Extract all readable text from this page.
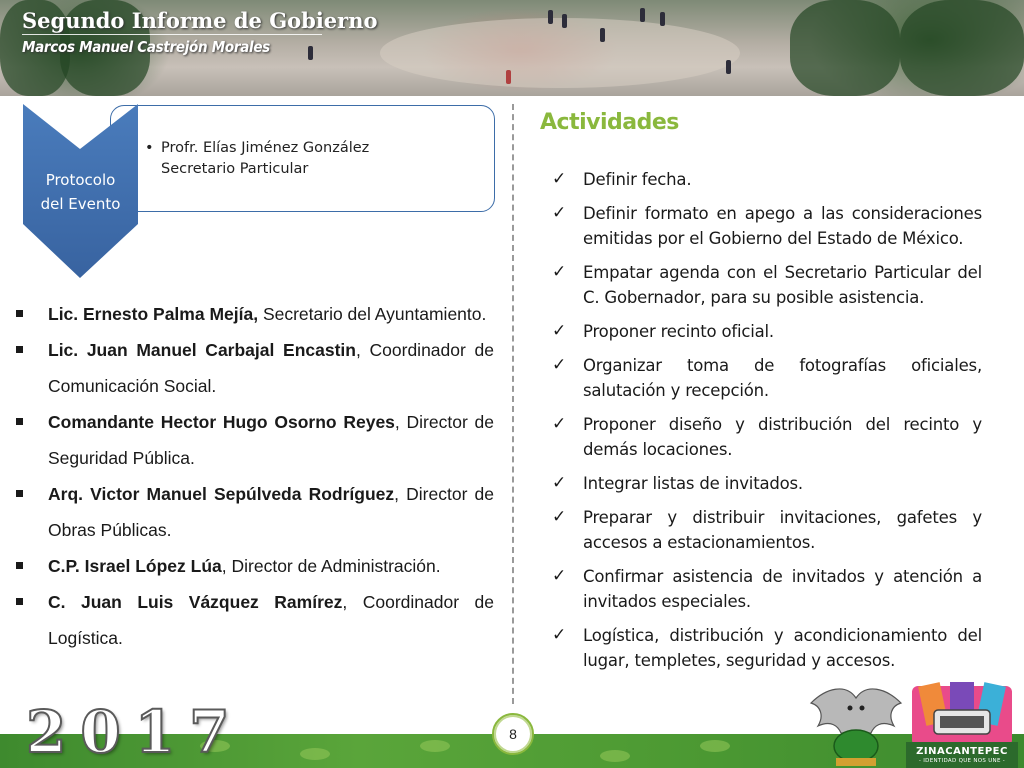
Segundo Informe de Gobierno
Marcos Manuel Castrejón Morales
Protocolo
del Evento
• Profr. Elías Jiménez González
Secretario Particular
Lic. Ernesto Palma Mejía, Secretario del Ayuntamiento.
Lic. Juan Manuel Carbajal Encastin, Coordinador de Comunicación Social.
Comandante Hector Hugo Osorno Reyes, Director de Seguridad Pública.
Arq. Victor Manuel Sepúlveda Rodríguez, Director de Obras Públicas.
C.P. Israel López Lúa, Director de Administración.
C. Juan Luis Vázquez Ramírez, Coordinador de Logística.
Actividades
✓ Definir fecha.
✓ Definir formato en apego a las consideraciones emitidas por el Gobierno del Estado de México.
✓ Empatar agenda con el Secretario Particular del C. Gobernador, para su posible asistencia.
✓ Proponer recinto oficial.
✓ Organizar toma de fotografías oficiales, salutación y recepción.
✓ Proponer diseño y distribución del recinto y demás locaciones.
✓ Integrar listas de invitados.
✓ Preparar y distribuir invitaciones, gafetes y accesos a estacionamientos.
✓ Confirmar asistencia de invitados y atención a invitados especiales.
✓ Logística, distribución y acondicionamiento del lugar, templetes, seguridad y accesos.
2017	8
ZINACANTEPEC
- IDENTIDAD QUE NOS UNE -
